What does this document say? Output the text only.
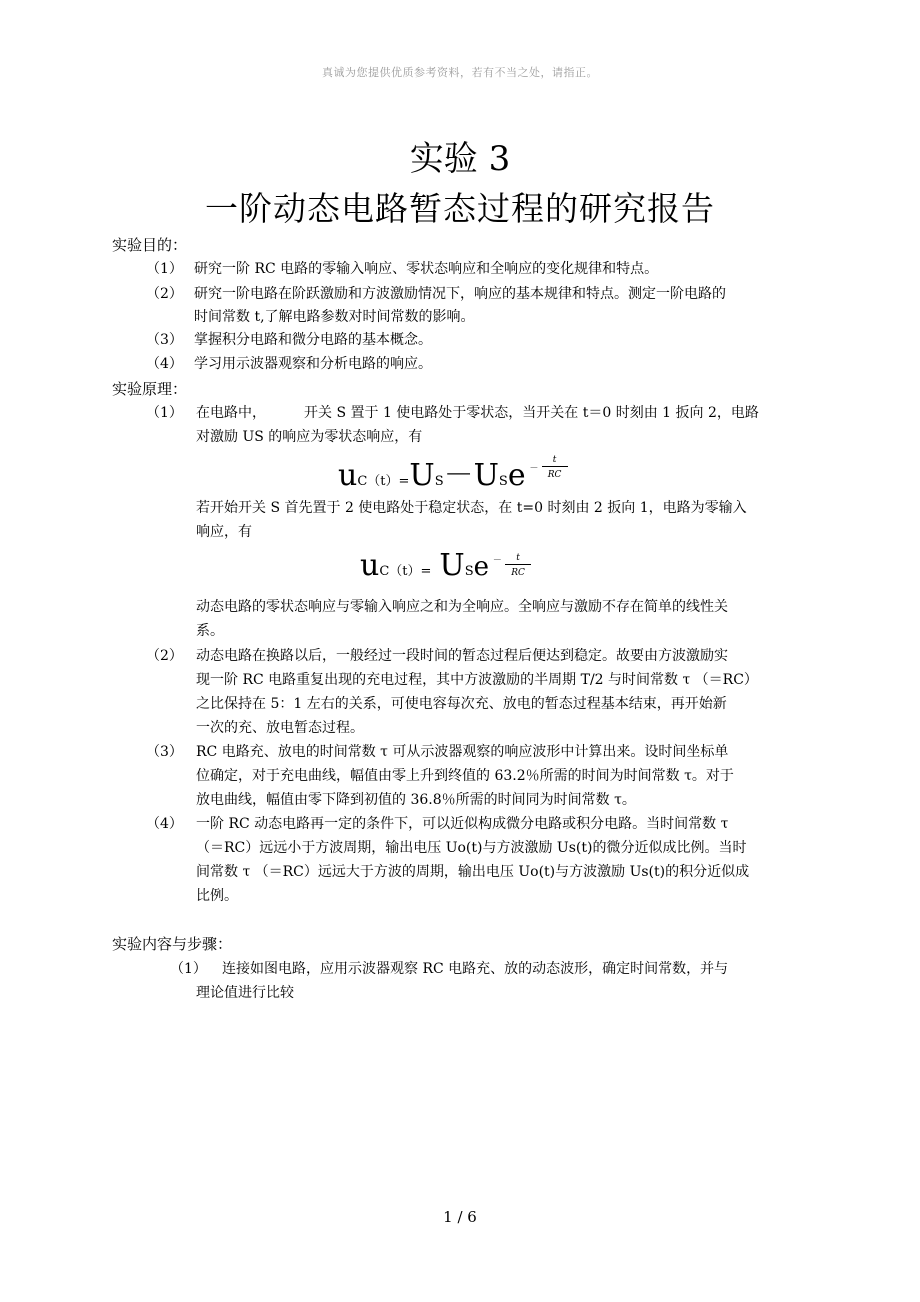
真诚为您提供优质参考资料，若有不当之处，请指正。
实验 3
一阶动态电路暂态过程的研究报告
实验目的：
（1） 研究一阶 RC 电路的零输入响应、零状态响应和全响应的变化规律和特点。
（2） 研究一阶电路在阶跃激励和方波激励情况下，响应的基本规律和特点。测定一阶电路的
时间常数 t,了解电路参数对时间常数的影响。
（3） 掌握积分电路和微分电路的基本概念。
（4） 学习用示波器观察和分析电路的响应。
实验原理：
（1） 在电路中，	开关 S 置于 1 使电路处于零状态，当开关在 t＝0 时刻由 1 扳向 2，电路
对激励 US 的响应为零状态响应，有
uC（t）=US－USe $^- \frac{t}{RC}$
若开始开关 S 首先置于 2 使电路处于稳定状态，在 t=0 时刻由 2 扳向 1，电路为零输入
响应，有
uC（t）= USe $^- \frac{t}{RC}$
动态电路的零状态响应与零输入响应之和为全响应。全响应与激励不存在简单的线性关
系。
（2） 动态电路在换路以后，一般经过一段时间的暂态过程后便达到稳定。故要由方波激励实
现一阶 RC 电路重复出现的充电过程，其中方波激励的半周期 T/2 与时间常数 τ （＝RC）
之比保持在 5：1 左右的关系，可使电容每次充、放电的暂态过程基本结束，再开始新
一次的充、放电暂态过程。
（3） RC 电路充、放电的时间常数 τ 可从示波器观察的响应波形中计算出来。设时间坐标单
位确定，对于充电曲线，幅值由零上升到终值的 63.2％所需的时间为时间常数 τ。对于
放电曲线，幅值由零下降到初值的 36.8％所需的时间同为时间常数 τ。
（4） 一阶 RC 动态电路再一定的条件下，可以近似构成微分电路或积分电路。当时间常数 τ
（＝RC）远远小于方波周期，输出电压 Uo(t)与方波激励 Us(t)的微分近似成比例。当时
间常数 τ （＝RC）远远大于方波的周期，输出电压 Uo(t)与方波激励 Us(t)的积分近似成
比例。
实验内容与步骤：
（1） 连接如图电路，应用示波器观察 RC 电路充、放的动态波形，确定时间常数，并与
理论值进行比较
1 / 6
